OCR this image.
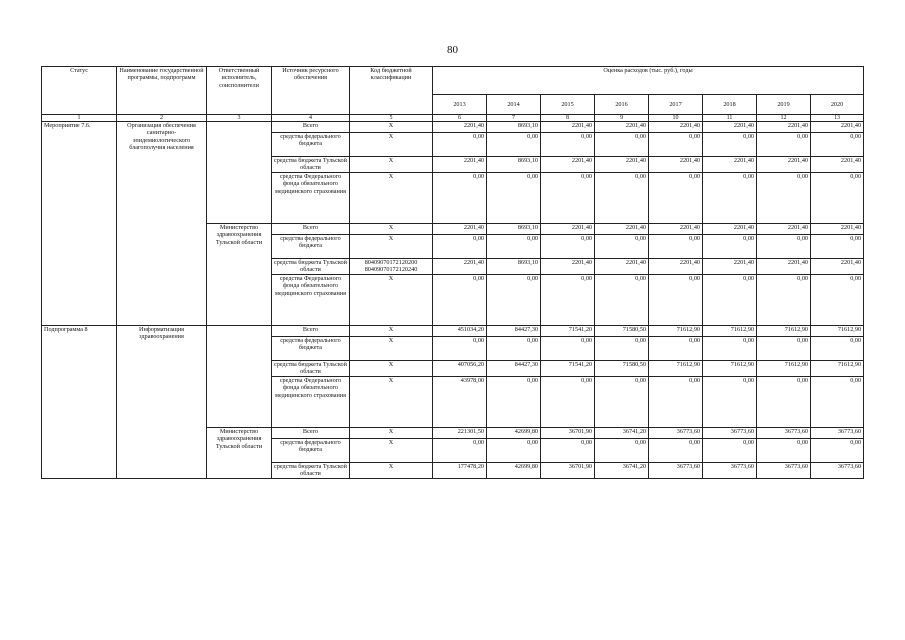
80
Статус	Наименование государственной программы, подпрограмм	Ответственный исполнитель, соисполнители	Источник ресурсного обеспечения	Код бюджетной классификации	Оценка расходов (тыс. руб.), годы							
					2013	2014	2015	2016	2017	2018	2019	2020
1	2	3	4	5	6	7	8	9	10	11	12	13
Мероприятие 7.6.	Организация обеспечения санитарно-эпидемиологического благополучия населения		Всего	Х	2201,40	8693,10	2201,40	2201,40	2201,40	2201,40	2201,40	2201,40
			средства федерального бюджета	Х	0,00	0,00	0,00	0,00	0,00	0,00	0,00	0,00
			средства бюджета Тульской области	Х	2201,40	8693,10	2201,40	2201,40	2201,40	2201,40	2201,40	2201,40
			средства Федерального фонда обязательного медицинского страхования	Х	0,00	0,00	0,00	0,00	0,00	0,00	0,00	0,00
		Министерство здравоохранения Тульской области	Всего	Х	2201,40	8693,10	2201,40	2201,40	2201,40	2201,40	2201,40	2201,40
			средства федерального бюджета	Х	0,00	0,00	0,00	0,00	0,00	0,00	0,00	0,00
			средства бюджета Тульской области	80409070172120200 80409070172120240	2201,40	8693,10	2201,40	2201,40	2201,40	2201,40	2201,40	2201,40
			средства Федерального фонда обязательного медицинского страхования	Х	0,00	0,00	0,00	0,00	0,00	0,00	0,00	0,00
Подпрограмма 8	Информатизация здравоохранения		Всего	Х	451034,20	84427,30	71541,20	71580,50	71612,90	71612,90	71612,90	71612,90
			средства федерального бюджета	Х	0,00	0,00	0,00	0,00	0,00	0,00	0,00	0,00
			средства бюджета Тульской области	Х	407056,20	84427,30	71541,20	71580,50	71612,90	71612,90	71612,90	71612,90
			средства Федерального фонда обязательного медицинского страхования	Х	43978,00	0,00	0,00	0,00	0,00	0,00	0,00	0,00
		Министерство здравоохранения Тульской области	Всего	Х	221301,50	42699,80	36701,90	36741,20	36773,60	36773,60	36773,60	36773,60
			средства федерального бюджета	Х	0,00	0,00	0,00	0,00	0,00	0,00	0,00	0,00
			средства бюджета Тульской области	Х	177478,20	42699,80	36701,90	36741,20	36773,60	36773,60	36773,60	36773,60
